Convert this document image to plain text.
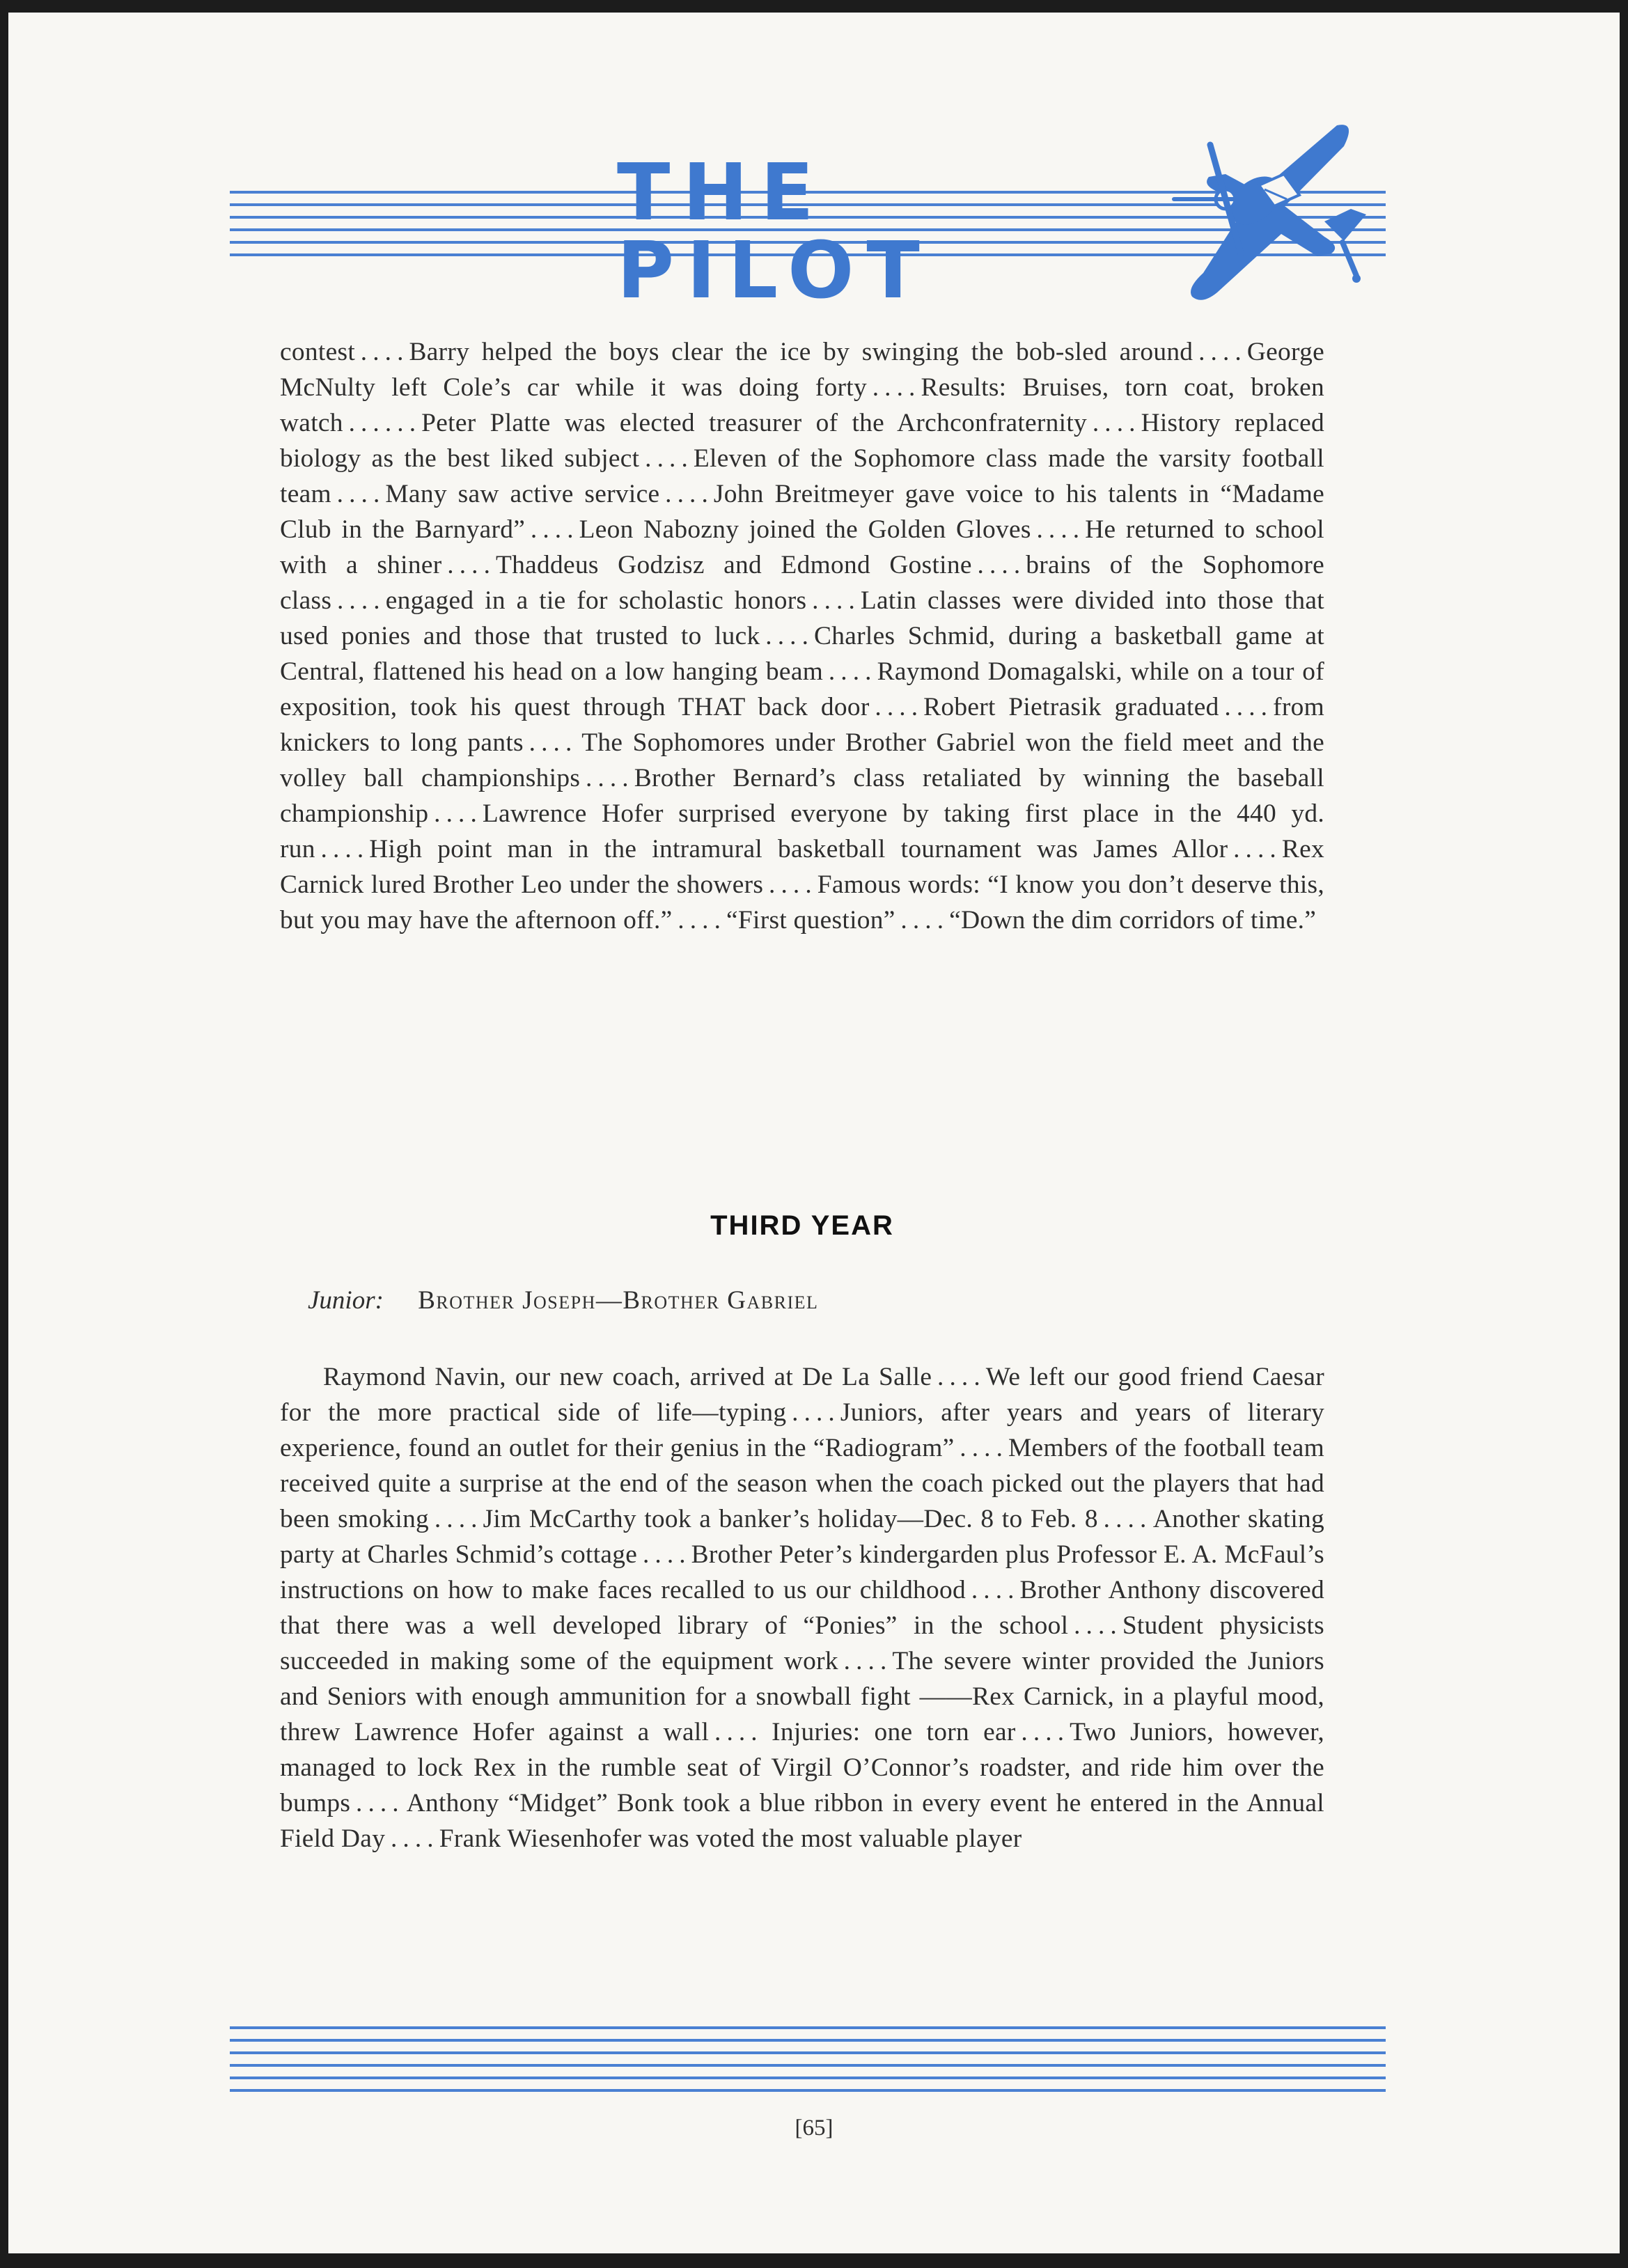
THE PILOT

contest . . . . Barry helped the boys clear the ice by swinging the bob-sled around . . . . George McNulty left Cole’s car while it was doing forty . . . . Results: Bruises, torn coat, broken watch . . . . . . Peter Platte was elected treasurer of the Archconfraternity . . . . History replaced biology as the best liked subject . . . . Eleven of the Sophomore class made the varsity football team . . . . Many saw active service . . . . John Breitmeyer gave voice to his talents in “Madame Club in the Barnyard” . . . . Leon Nabozny joined the Golden Gloves . . . . He returned to school with a shiner . . . . Thaddeus Godzisz and Edmond Gostine . . . . brains of the Sophomore class . . . . engaged in a tie for scholastic honors . . . . Latin classes were divided into those that used ponies and those that trusted to luck . . . . Charles Schmid, during a basketball game at Central, flattened his head on a low hanging beam . . . . Raymond Domagalski, while on a tour of exposition, took his quest through THAT back door . . . . Robert Pietrasik graduated . . . . from knickers to long pants . . . . The Sophomores under Brother Gabriel won the field meet and the volley ball championships . . . . Brother Bernard’s class retaliated by winning the baseball championship . . . . Lawrence Hofer surprised everyone by taking first place in the 440 yd. run . . . . High point man in the intramural basketball tournament was James Allor . . . . Rex Carnick lured Brother Leo under the showers . . . . Famous words: “I know you don’t deserve this, but you may have the afternoon off.” . . . . “First question” . . . . “Down the dim corridors of time.”

THIRD YEAR
Junior: Brother Joseph—Brother Gabriel

Raymond Navin, our new coach, arrived at De La Salle . . . . We left our good friend Caesar for the more practical side of life—typing . . . . Juniors, after years and years of literary experience, found an outlet for their genius in the “Radiogram” . . . . Members of the football team received quite a surprise at the end of the season when the coach picked out the players that had been smoking . . . . Jim McCarthy took a banker’s holiday—Dec. 8 to Feb. 8 . . . . Another skating party at Charles Schmid’s cottage . . . . Brother Peter’s kindergarden plus Professor E. A. McFaul’s instructions on how to make faces recalled to us our childhood . . . . Brother Anthony discovered that there was a well developed library of “Ponies” in the school . . . . Student physicists succeeded in making some of the equipment work . . . . The severe winter provided the Juniors and Seniors with enough ammunition for a snowball fight ——Rex Carnick, in a playful mood, threw Lawrence Hofer against a wall . . . . Injuries: one torn ear . . . . Two Juniors, however, managed to lock Rex in the rumble seat of Virgil O’Connor’s roadster, and ride him over the bumps . . . . Anthony “Midget” Bonk took a blue ribbon in every event he entered in the Annual Field Day . . . . Frank Wiesenhofer was voted the most valuable player

[65]
